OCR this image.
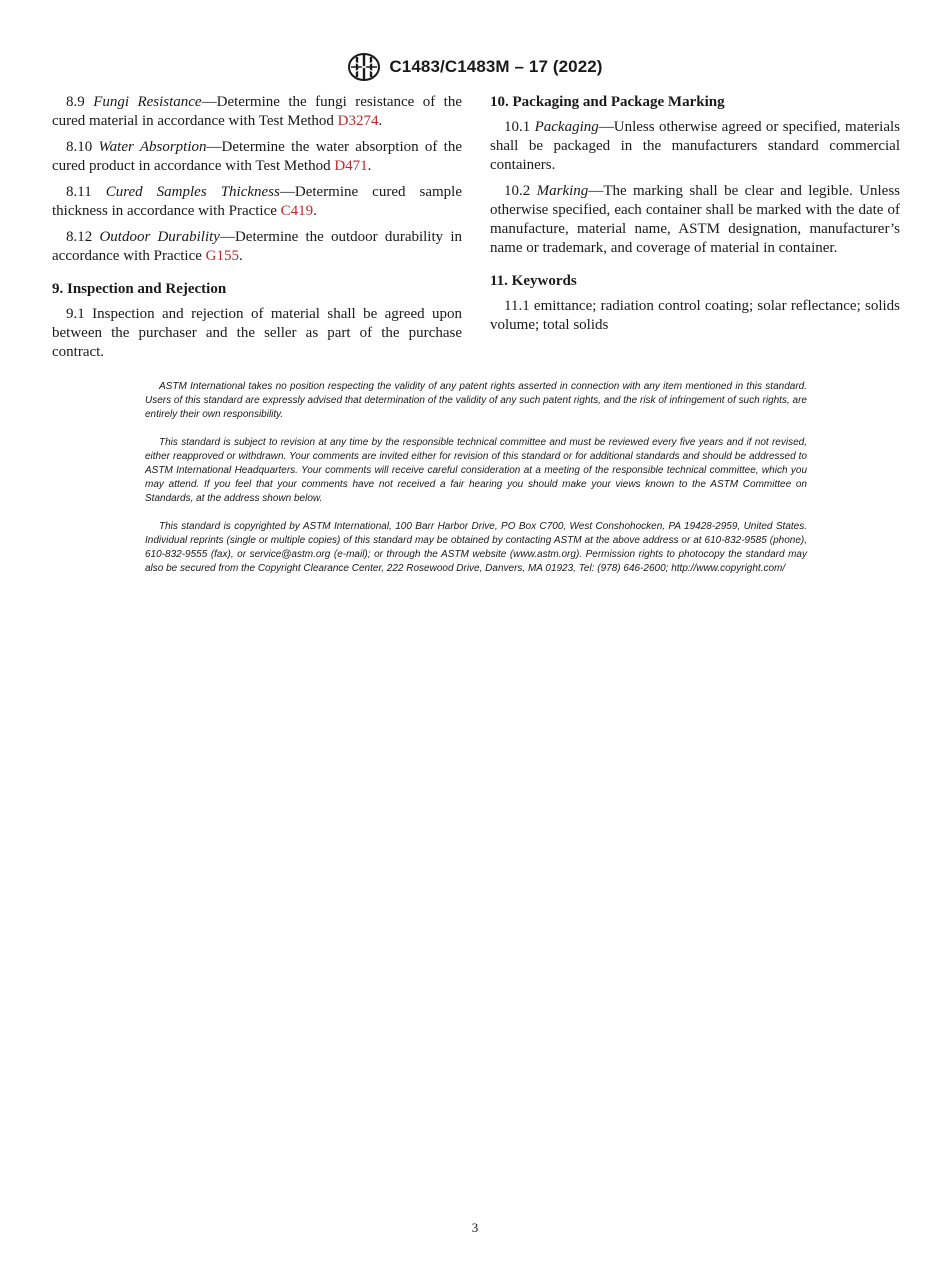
C1483/C1483M – 17 (2022)

8.9 Fungi Resistance—Determine the fungi resistance of the cured material in accordance with Test Method D3274.

8.10 Water Absorption—Determine the water absorption of the cured product in accordance with Test Method D471.

8.11 Cured Samples Thickness—Determine cured sample thickness in accordance with Practice C419.

8.12 Outdoor Durability—Determine the outdoor durability in accordance with Practice G155.

9. Inspection and Rejection

9.1 Inspection and rejection of material shall be agreed upon between the purchaser and the seller as part of the purchase contract.

10. Packaging and Package Marking

10.1 Packaging—Unless otherwise agreed or specified, materials shall be packaged in the manufacturers standard commercial containers.

10.2 Marking—The marking shall be clear and legible. Unless otherwise specified, each container shall be marked with the date of manufacture, material name, ASTM designation, manufacturer’s name or trademark, and coverage of material in container.

11. Keywords

11.1 emittance; radiation control coating; solar reflectance; solids volume; total solids

ASTM International takes no position respecting the validity of any patent rights asserted in connection with any item mentioned in this standard. Users of this standard are expressly advised that determination of the validity of any such patent rights, and the risk of infringement of such rights, are entirely their own responsibility.

This standard is subject to revision at any time by the responsible technical committee and must be reviewed every five years and if not revised, either reapproved or withdrawn. Your comments are invited either for revision of this standard or for additional standards and should be addressed to ASTM International Headquarters. Your comments will receive careful consideration at a meeting of the responsible technical committee, which you may attend. If you feel that your comments have not received a fair hearing you should make your views known to the ASTM Committee on Standards, at the address shown below.

This standard is copyrighted by ASTM International, 100 Barr Harbor Drive, PO Box C700, West Conshohocken, PA 19428-2959, United States. Individual reprints (single or multiple copies) of this standard may be obtained by contacting ASTM at the above address or at 610-832-9585 (phone), 610-832-9555 (fax), or service@astm.org (e-mail); or through the ASTM website (www.astm.org). Permission rights to photocopy the standard may also be secured from the Copyright Clearance Center, 222 Rosewood Drive, Danvers, MA 01923, Tel: (978) 646-2600; http://www.copyright.com/

3
